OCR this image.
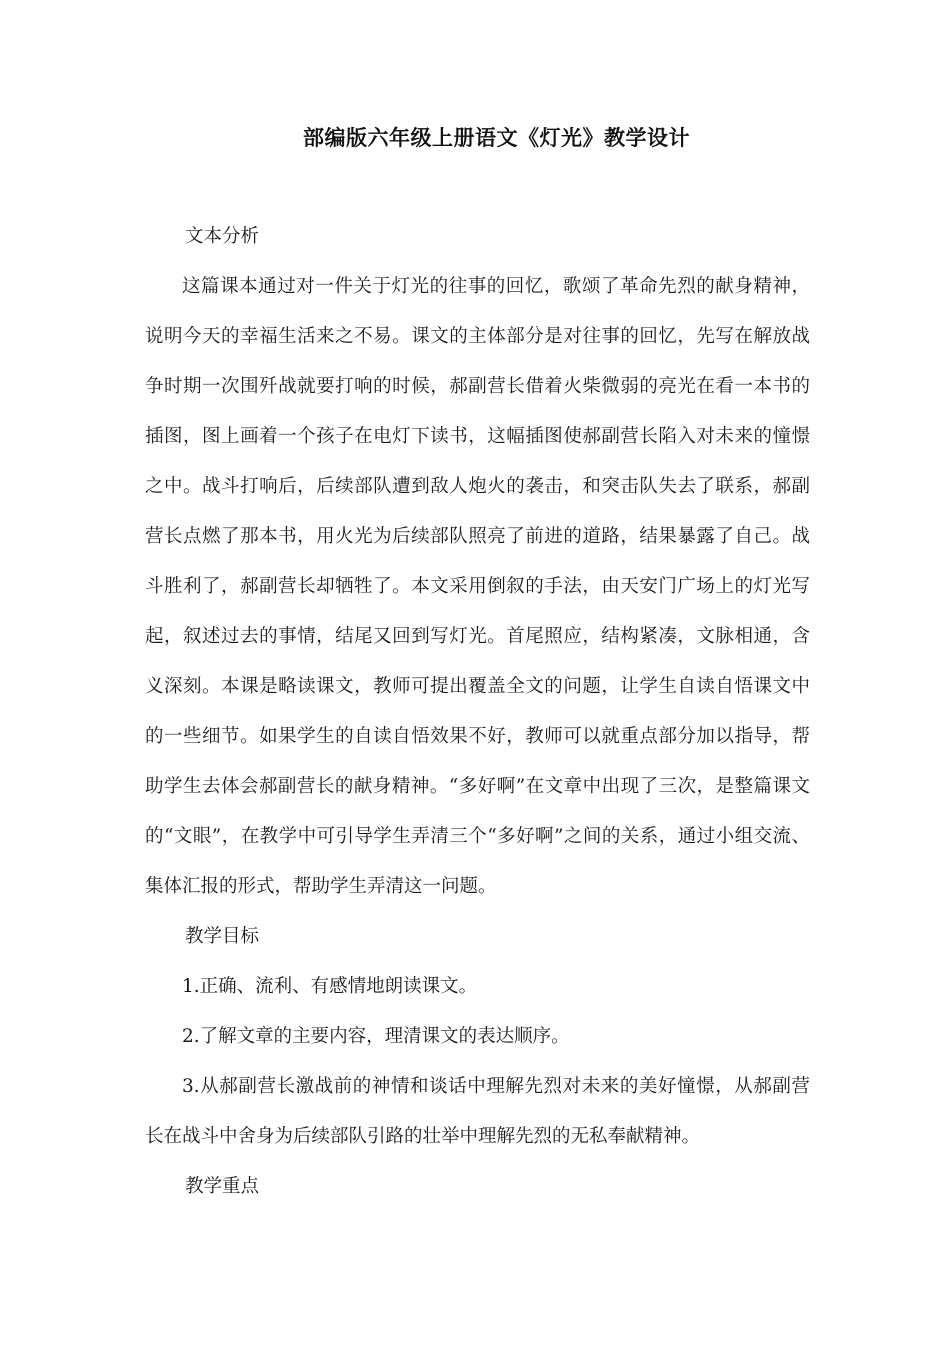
部编版六年级上册语文《灯光》教学设计

文本分析

这篇课本通过对一件关于灯光的往事的回忆，歌颂了革命先烈的献身精神，说明今天的幸福生活来之不易。课文的主体部分是对往事的回忆，先写在解放战争时期一次围歼战就要打响的时候，郝副营长借着火柴微弱的亮光在看一本书的插图，图上画着一个孩子在电灯下读书，这幅插图使郝副营长陷入对未来的憧憬之中。战斗打响后，后续部队遭到敌人炮火的袭击，和突击队失去了联系，郝副营长点燃了那本书，用火光为后续部队照亮了前进的道路，结果暴露了自己。战斗胜利了，郝副营长却牺牲了。本文采用倒叙的手法，由天安门广场上的灯光写起，叙述过去的事情，结尾又回到写灯光。首尾照应，结构紧凑，文脉相通，含义深刻。本课是略读课文，教师可提出覆盖全文的问题，让学生自读自悟课文中的一些细节。如果学生的自读自悟效果不好，教师可以就重点部分加以指导，帮助学生去体会郝副营长的献身精神。“多好啊”在文章中出现了三次，是整篇课文的“文眼”，在教学中可引导学生弄清三个“多好啊”之间的关系，通过小组交流、集体汇报的形式，帮助学生弄清这一问题。

教学目标

1.正确、流利、有感情地朗读课文。

2.了解文章的主要内容，理清课文的表达顺序。

3.从郝副营长激战前的神情和谈话中理解先烈对未来的美好憧憬，从郝副营长在战斗中舍身为后续部队引路的壮举中理解先烈的无私奉献精神。

教学重点
